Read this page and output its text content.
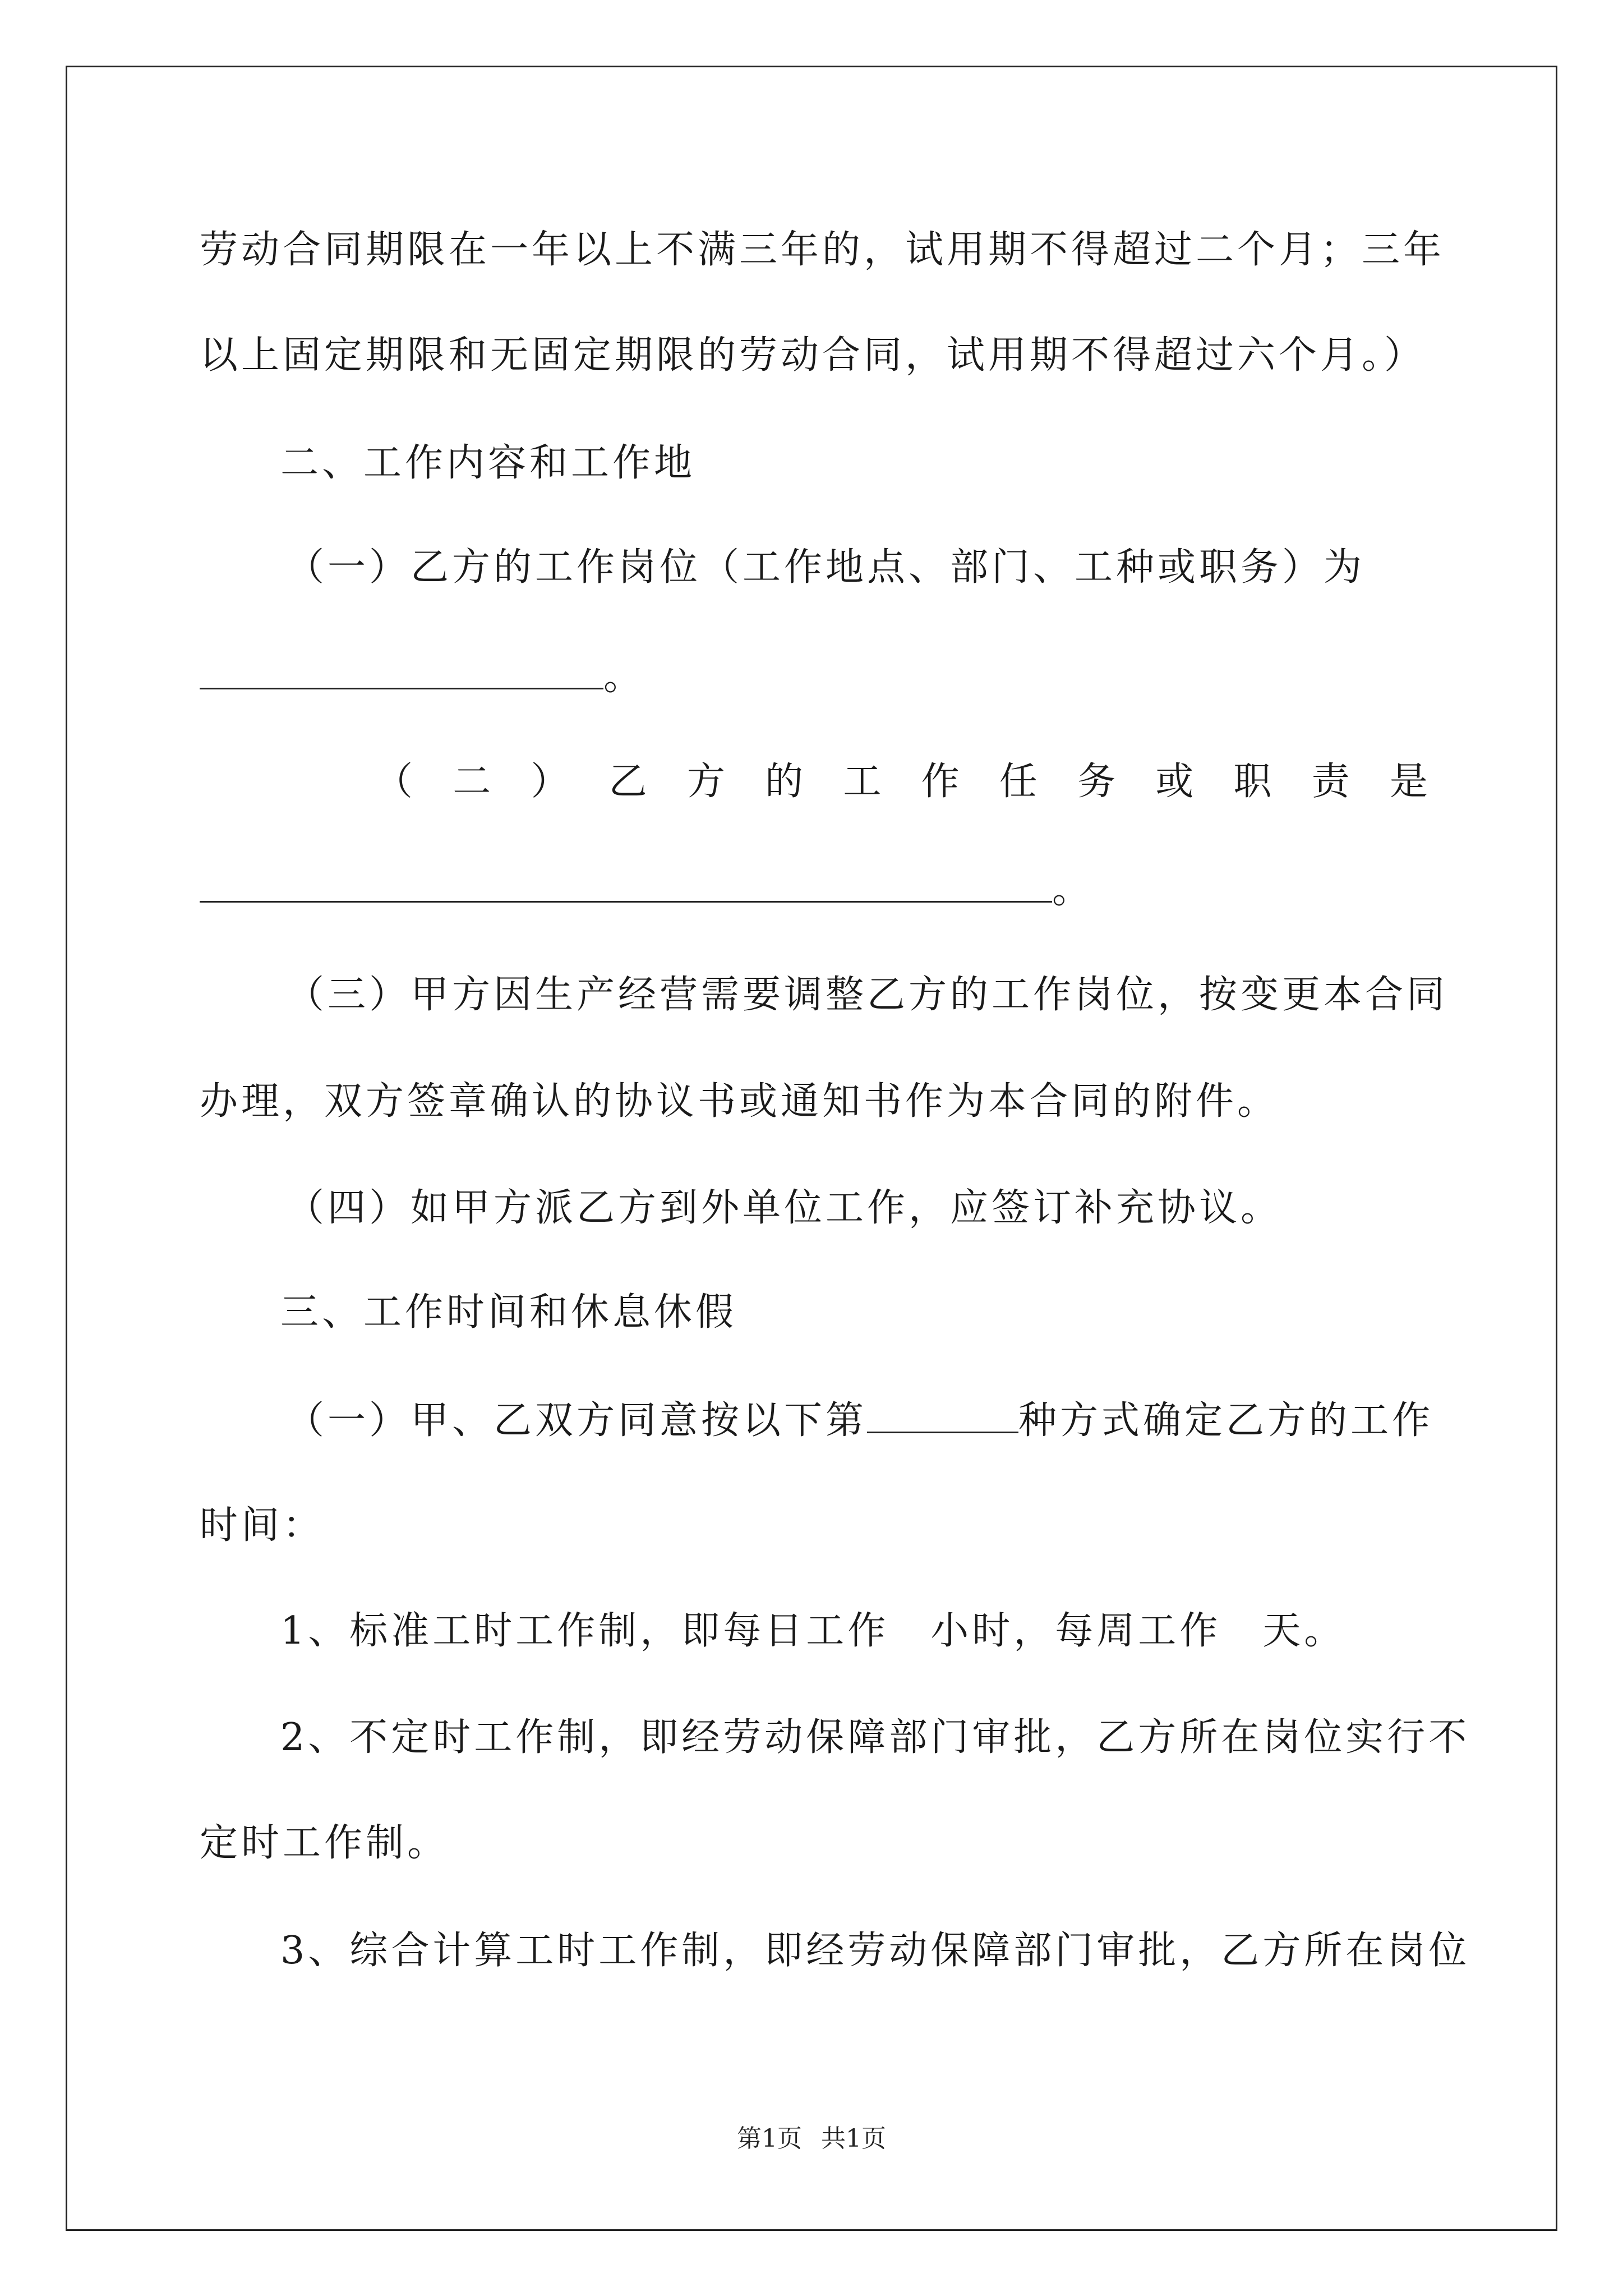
劳动合同期限在一年以上不满三年的，试用期不得超过二个月；三年
以上固定期限和无固定期限的劳动合同，试用期不得超过六个月。）
二、工作内容和工作地
（一）乙方的工作岗位（工作地点、部门、工种或职务）为
。
（ 二 ） 乙 方 的 工 作 任 务 或 职 责 是
。
（三）甲方因生产经营需要调整乙方的工作岗位，按变更本合同
办理，双方签章确认的协议书或通知书作为本合同的附件。
（四）如甲方派乙方到外单位工作，应签订补充协议。
三、工作时间和休息休假
（一）甲、乙双方同意按以下第	种方式确定乙方的工作
时间：
1、标准工时工作制，即每日工作　小时，每周工作　天。
2、不定时工作制，即经劳动保障部门审批，乙方所在岗位实行不
定时工作制。
3、综合计算工时工作制，即经劳动保障部门审批，乙方所在岗位
第1页 共1页
